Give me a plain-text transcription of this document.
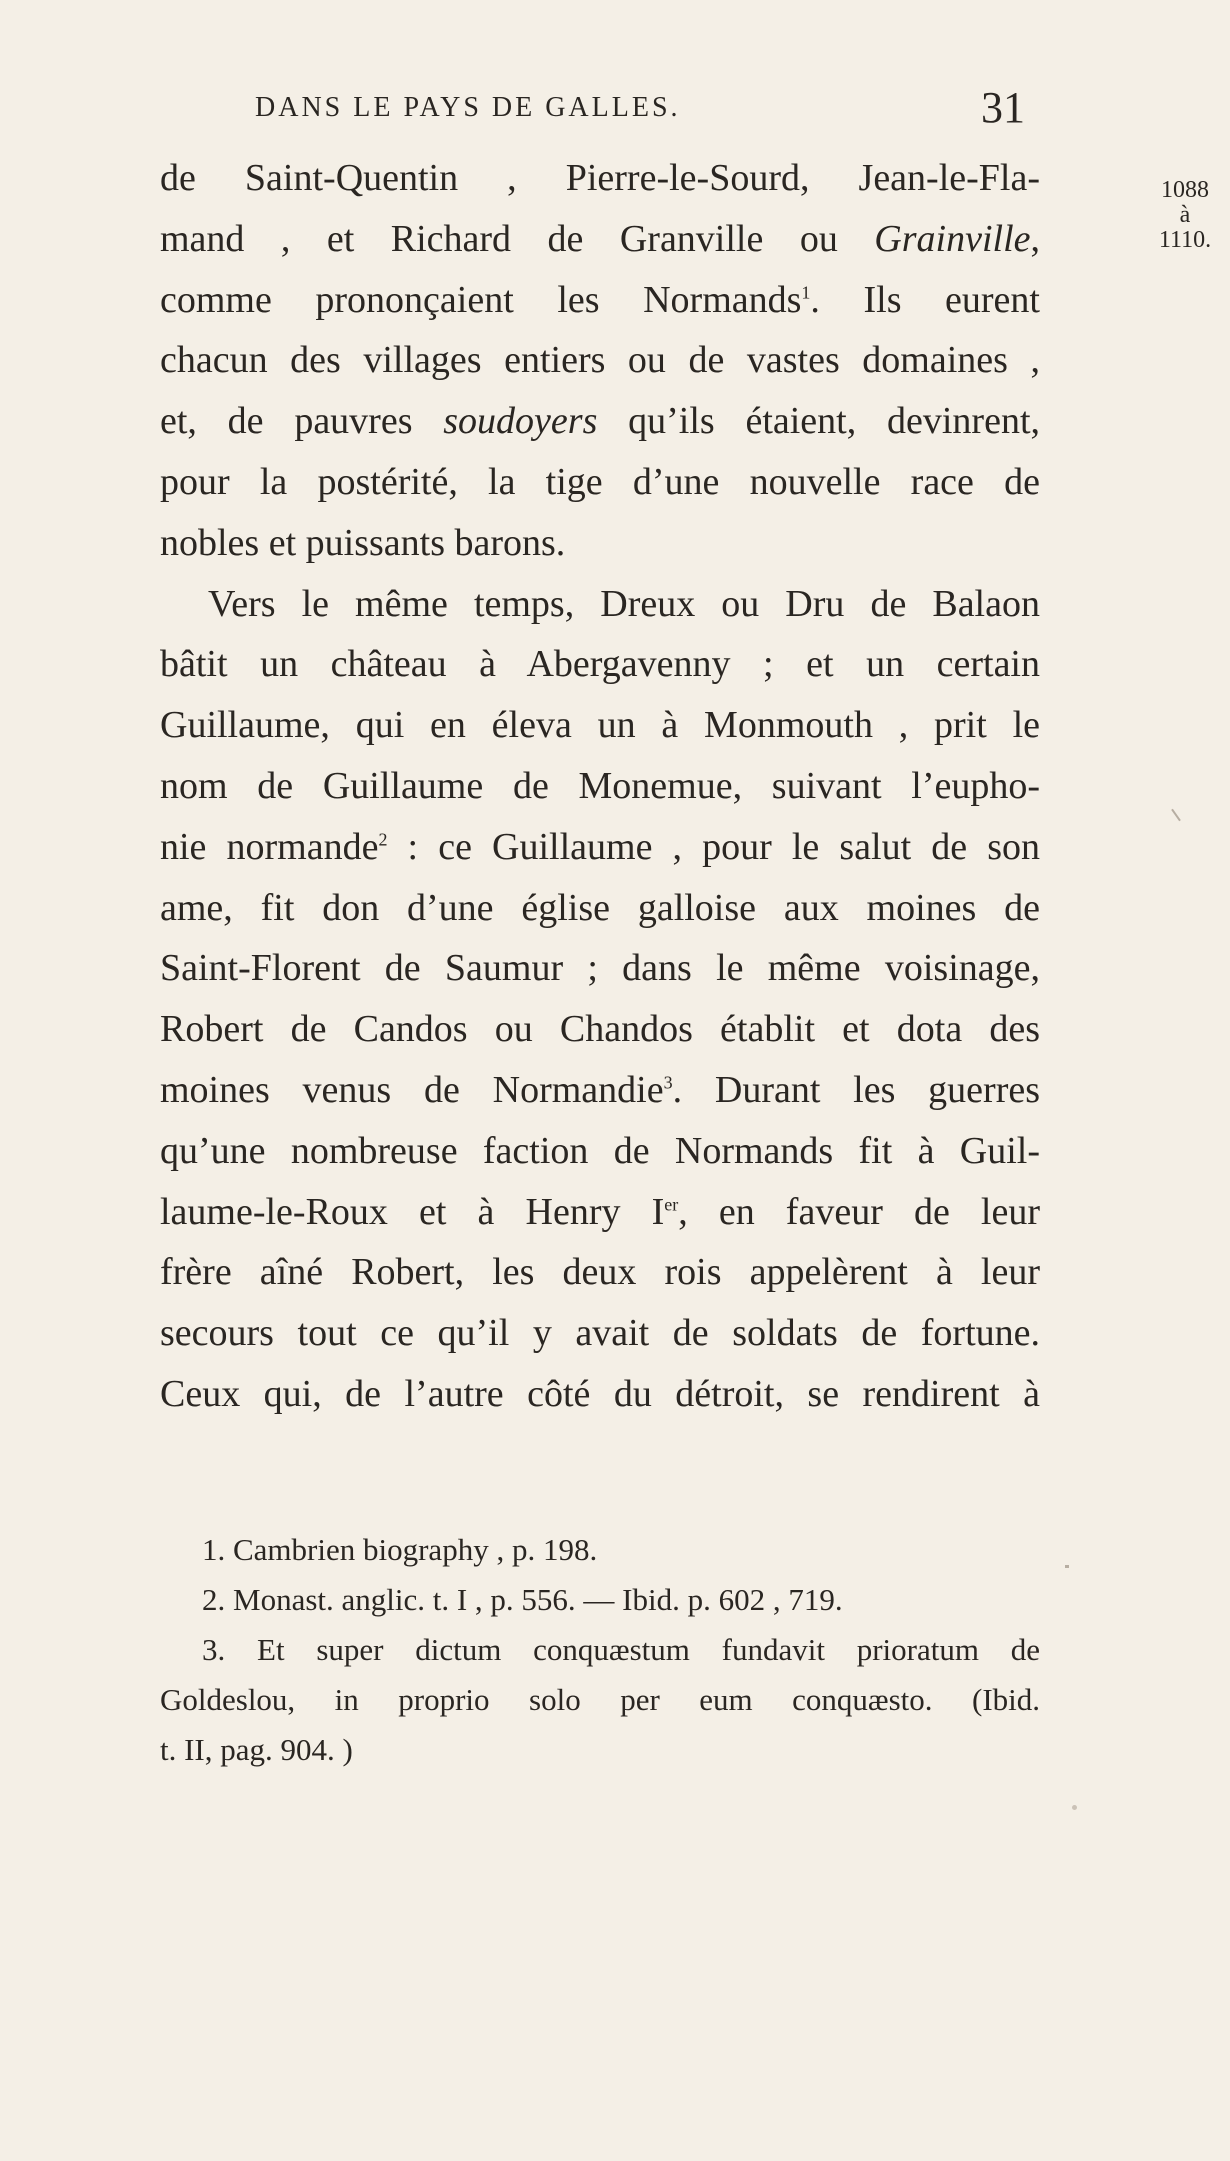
DANS LE PAYS DE GALLES.	31
1088
à
1110.
de Saint-Quentin , Pierre-le-Sourd, Jean-le-Fla-
mand , et Richard de Granville ou Grainville,
comme prononçaient les Normands$^1$. Ils eurent
chacun des villages entiers ou de vastes domaines ,
et, de pauvres soudoyers qu’ils étaient, devinrent,
pour la postérité, la tige d’une nouvelle race de
nobles et puissants barons.
Vers le même temps, Dreux ou Dru de Balaon
bâtit un château à Abergavenny ; et un certain
Guillaume, qui en éleva un à Monmouth , prit le
nom de Guillaume de Monemue, suivant l’eupho-
nie normande$^2$ : ce Guillaume , pour le salut de son
ame, fit don d’une église galloise aux moines de
Saint-Florent de Saumur ; dans le même voisinage,
Robert de Candos ou Chandos établit et dota des
moines venus de Normandie$^3$. Durant les guerres
qu’une nombreuse faction de Normands fit à Guil-
laume-le-Roux et à Henry Ier, en faveur de leur
frère aîné Robert, les deux rois appelèrent à leur
secours tout ce qu’il y avait de soldats de fortune.
Ceux qui, de l’autre côté du détroit, se rendirent à
1. Cambrien biography , p. 198.
2. Monast. anglic. t. I , p. 556. — Ibid. p. 602 , 719.
3. Et super dictum conquæstum fundavit prioratum de
Goldeslou, in proprio solo per eum conquæsto. (Ibid.
t. II, pag. 904. )
